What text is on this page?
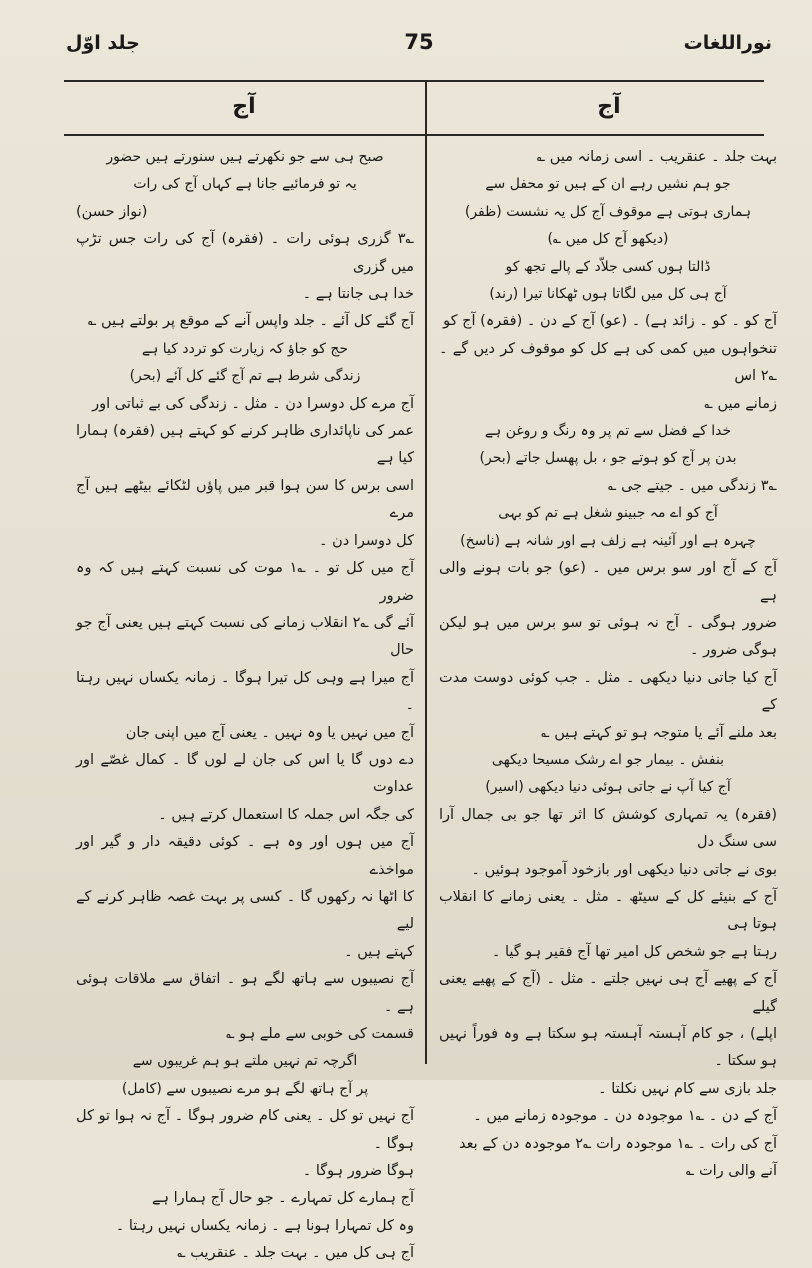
نوراللغات
75
جلد اوّل
آج
آج

بہت جلد ۔ عنقریب ۔ اسی زمانہ میں ؎

جو ہم نشیں رہے ان کے ہیں تو محفل سے

ہماری ہوتی ہے موقوف آج کل یہ نشست (ظفر)

(دیکھو آج کل میں ؎)

ڈالتا ہوں کسی جلاّد کے پالے تجھ کو

آج ہی کل میں لگاتا ہوں ٹھکانا تیرا (رند)

آج کو ۔ کو ۔ زائد ہے) ۔ (عو) آج کے دن ۔ (فقرہ) آج کو

تنخواہوں میں کمی کی ہے کل کو موقوف کر دیں گے ۔ ؎۲ اس

زمانے میں ؎

خدا کے فضل سے تم پر وہ رنگ و روغن ہے

بدن پر آج کو ہوتے جو ، بل پھسل جاتے (بحر)

؎۳ زندگی میں ۔ جیتے جی ؎

آج کو اے مہ جبینو شغل ہے تم کو بہی

چہرہ ہے اور آئینہ ہے زلف ہے اور شانہ ہے (ناسخ)

آج کے آج اور سو برس میں ۔ (عو) جو بات ہونے والی ہے

ضرور ہوگی ۔ آج نہ ہوئی تو سو برس میں ہو لیکن ہوگی ضرور ۔

آج کیا جاتی دنیا دیکھی ۔ مثل ۔ جب کوئی دوست مدت کے

بعد ملنے آئے یا متوجہ ہو تو کہتے ہیں ؎

بنفش ۔ بیمار جو اے رشک مسیحا دیکھی

آج کیا آپ نے جاتی ہوئی دنیا دیکھی (اسیر)

(فقرہ) یہ تمہاری کوشش کا اثر تھا جو بی جمال آرا سی سنگ دل

بوی نے جاتی دنیا دیکھی اور بازخود آموجود ہوئیں ۔

آج کے بنیئے کل کے سیٹھ ۔ مثل ۔ یعنی زمانے کا انقلاب ہوتا ہی

رہتا ہے جو شخص کل امیر تھا آج فقیر ہو گیا ۔

آج کے پھیے آج ہی نہیں جلتے ۔ مثل ۔ (آج کے پھیے یعنی گیلے

اپلے) ، جو کام آہستہ آہستہ ہو سکتا ہے وہ فوراً نہیں ہو سکتا ۔

جلد بازی سے کام نہیں نکلتا ۔

آج کے دن ۔ ؎۱ موجودہ دن ۔ موجودہ زمانے میں ۔

آج کی رات ۔ ؎۱ موجودہ رات ؎۲ موجودہ دن کے بعد

آنے والی رات ؎

صبح ہی سے جو نکھرتے ہیں سنورتے ہیں حضور

یہ تو فرمائیے جانا ہے کہاں آج کی رات

(نواز حسن)

؎۳ گزری ہوئی رات ۔ (فقرہ) آج کی رات جس تڑپ میں گزری

خدا ہی جانتا ہے ۔

آج گئے کل آئے ۔ جلد واپس آنے کے موقع پر بولتے ہیں ؎

حج کو جاؤ کہ زیارت کو تردد کیا ہے

زندگی شرط ہے تم آج گئے کل آئے (بحر)

آج مرے کل دوسرا دن ۔ مثل ۔ زندگی کی بے ثباتی اور

عمر کی ناپائداری ظاہر کرنے کو کہتے ہیں (فقرہ) ہمارا کیا ہے

اسی برس کا سن ہوا قبر میں پاؤں لٹکائے بیٹھے ہیں آج مرے

کل دوسرا دن ۔

آج میں کل تو ۔ ؎۱ موت کی نسبت کہتے ہیں کہ وہ ضرور

آئے گی ؎۲ انقلاب زمانے کی نسبت کہتے ہیں یعنی آج جو حال

آج میرا ہے وہی کل تیرا ہوگا ۔ زمانہ یکساں نہیں رہتا ۔

آج میں نہیں یا وہ نہیں ۔ یعنی آج میں اپنی جان

دے دوں گا یا اس کی جان لے لوں گا ۔ کمال غصّے اور عداوت

کی جگہ اس جملہ کا استعمال کرتے ہیں ۔

آج میں ہوں اور وہ ہے ۔ کوئی دقیقہ دار و گیر اور مواخذے

کا اٹھا نہ رکھوں گا ۔ کسی پر بہت غصہ ظاہر کرنے کے لیے

کہتے ہیں ۔

آج نصیبوں سے ہاتھ لگے ہو ۔ اتفاق سے ملاقات ہوئی ہے ۔

قسمت کی خوبی سے ملے ہو ؎

اگرچہ تم نہیں ملتے ہو ہم غریبوں سے

پر آج ہاتھ لگے ہو مرے نصیبوں سے (کامل)

آج نہیں تو کل ۔ یعنی کام ضرور ہوگا ۔ آج نہ ہوا تو کل ہوگا ۔

ہوگا ضرور ہوگا ۔

آج ہمارے کل تمہارے ۔ جو حال آج ہمارا ہے

وہ کل تمہارا ہونا ہے ۔ زمانہ یکساں نہیں رہتا ۔

آج ہی کل میں ۔ بہت جلد ۔ عنقریب ؎
